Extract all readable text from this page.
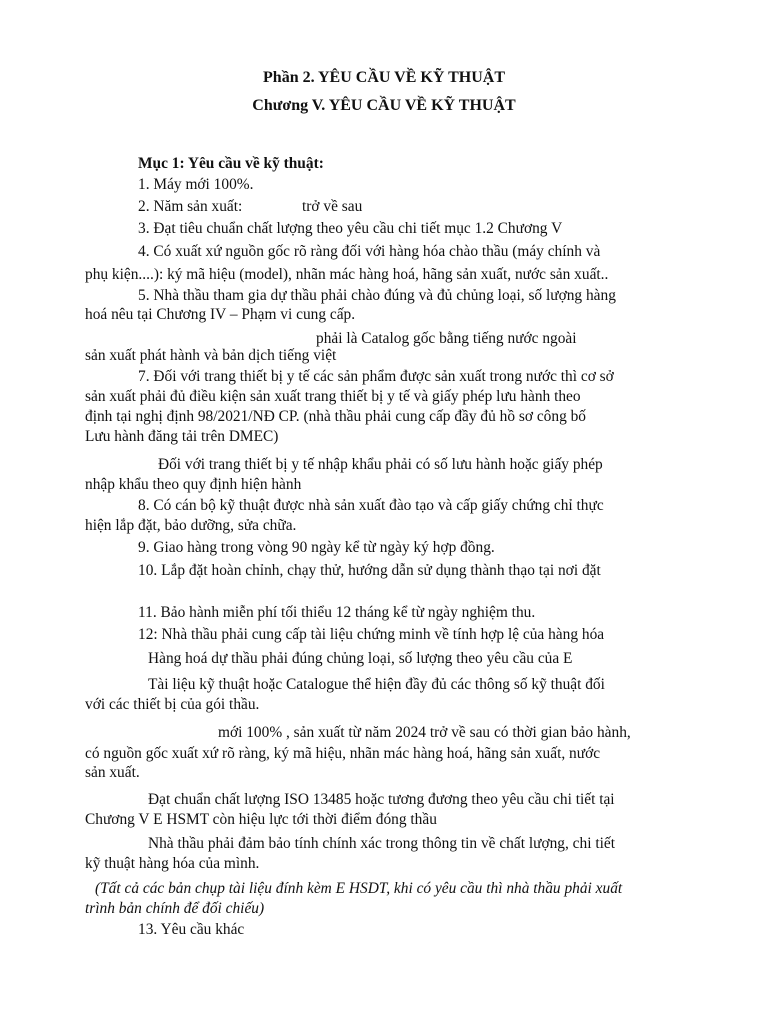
Phần 2. YÊU CẦU VỀ KỸ THUẬT
Chương V. YÊU CẦU VỀ KỸ THUẬT
Mục 1: Yêu cầu về kỹ thuật:
1. Máy mới 100%.
2. Năm sản xuất:	trở về sau
3. Đạt tiêu chuẩn chất lượng theo yêu cầu chi tiết mục 1.2 Chương V
4. Có xuất xứ nguồn gốc rõ ràng đối với hàng hóa chào thầu (máy chính và
phụ kiện....): ký mã hiệu (model), nhãn mác hàng hoá, hãng sản xuất, nước sản xuất..
5. Nhà thầu tham gia dự thầu phải chào đúng và đủ chủng loại, số lượng hàng
hoá nêu tại Chương IV – Phạm vi cung cấp.
phải là Catalog gốc bằng tiếng nước ngoài
sản xuất phát hành và bản dịch tiếng việt
7. Đối với trang thiết bị y tế các sản phẩm được sản xuất trong nước thì cơ sở
sản xuất phải đủ điều kiện sản xuất trang thiết bị y tế và giấy phép lưu hành theo
định tại nghị định 98/2021/NĐ CP. (nhà thầu phải cung cấp đầy đủ hồ sơ công bố
Lưu hành đăng tải trên DMEC)
Đối với trang thiết bị y tế nhập khẩu phải có số lưu hành hoặc giấy phép
nhập khẩu theo quy định hiện hành
8. Có cán bộ kỹ thuật được nhà sản xuất đào tạo và cấp giấy chứng chỉ thực
hiện lắp đặt, bảo dưỡng, sửa chữa.
9. Giao hàng trong vòng 90 ngày kể từ ngày ký hợp đồng.
10. Lắp đặt hoàn chỉnh, chạy thử, hướng dẫn sử dụng thành thạo tại nơi đặt
11. Bảo hành miễn phí tối thiểu 12 tháng kể từ ngày nghiệm thu.
12: Nhà thầu phải cung cấp tài liệu chứng minh về tính hợp lệ của hàng hóa
Hàng hoá dự thầu phải đúng chủng loại, số lượng theo yêu cầu của E
Tài liệu kỹ thuật hoặc Catalogue thể hiện đầy đủ các thông số kỹ thuật đối
với các thiết bị của gói thầu.
mới 100% , sản xuất từ năm 2024 trở về sau có thời gian bảo hành,
có nguồn gốc xuất xứ rõ ràng, ký mã hiệu, nhãn mác hàng hoá, hãng sản xuất, nước
sản xuất.
Đạt chuẩn chất lượng ISO 13485 hoặc tương đương theo yêu cầu chi tiết tại
Chương V E HSMT còn hiệu lực tới thời điểm đóng thầu
Nhà thầu phải đảm bảo tính chính xác trong thông tin về chất lượng, chi tiết
kỹ thuật hàng hóa của mình.
(Tất cả các bản chụp tài liệu đính kèm E HSDT, khi có yêu cầu thì nhà thầu phải xuất
trình bản chính để đối chiếu)
13. Yêu cầu khác
